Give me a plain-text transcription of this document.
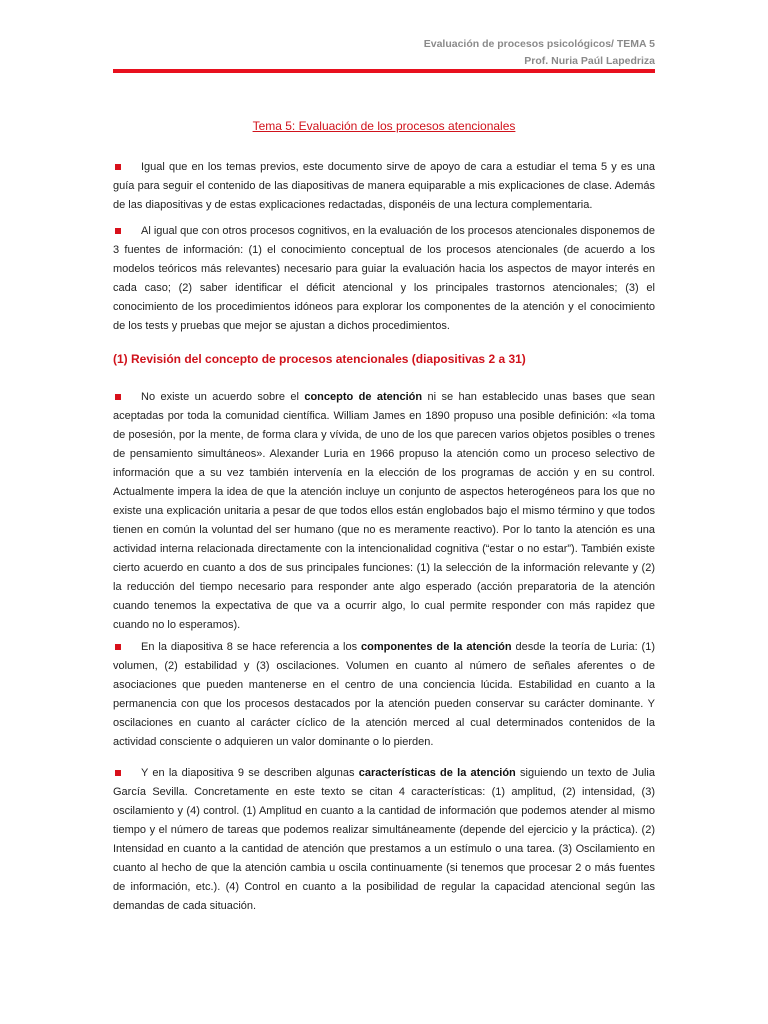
Evaluación de procesos psicológicos/ TEMA 5
Prof. Nuria Paúl Lapedriza
Tema 5: Evaluación de los procesos atencionales

Igual que en los temas previos, este documento sirve de apoyo de cara a estudiar el tema 5 y es una guía para seguir el contenido de las diapositivas de manera equiparable a mis explicaciones de clase. Además de las diapositivas y de estas explicaciones redactadas, disponéis de una lectura complementaria.

Al igual que con otros procesos cognitivos, en la evaluación de los procesos atencionales disponemos de 3 fuentes de información: (1) el conocimiento conceptual de los procesos atencionales (de acuerdo a los modelos teóricos más relevantes) necesario para guiar la evaluación hacia los aspectos de mayor interés en cada caso; (2) saber identificar el déficit atencional y los principales trastornos atencionales; (3) el conocimiento de los procedimientos idóneos para explorar los componentes de la atención y el conocimiento de los tests y pruebas que mejor se ajustan a dichos procedimientos.

(1) Revisión del concepto de procesos atencionales (diapositivas 2 a 31)

No existe un acuerdo sobre el concepto de atención ni se han establecido unas bases que sean aceptadas por toda la comunidad científica. William James en 1890 propuso una posible definición: «la toma de posesión, por la mente, de forma clara y vívida, de uno de los que parecen varios objetos posibles o trenes de pensamiento simultáneos». Alexander Luria en 1966 propuso la atención como un proceso selectivo de información que a su vez también intervenía en la elección de los programas de acción y en su control. Actualmente impera la idea de que la atención incluye un conjunto de aspectos heterogéneos para los que no existe una explicación unitaria a pesar de que todos ellos están englobados bajo el mismo término y que todos tienen en común la voluntad del ser humano (que no es meramente reactivo). Por lo tanto la atención es una actividad interna relacionada directamente con la intencionalidad cognitiva (“estar o no estar”). También existe cierto acuerdo en cuanto a dos de sus principales funciones: (1) la selección de la información relevante y (2) la reducción del tiempo necesario para responder ante algo esperado (acción preparatoria de la atención cuando tenemos la expectativa de que va a ocurrir algo, lo cual permite responder con más rapidez que cuando no lo esperamos).

En la diapositiva 8 se hace referencia a los componentes de la atención desde la teoría de Luria: (1) volumen, (2) estabilidad y (3) oscilaciones. Volumen en cuanto al número de señales aferentes o de asociaciones que pueden mantenerse en el centro de una conciencia lúcida. Estabilidad en cuanto a la permanencia con que los procesos destacados por la atención pueden conservar su carácter dominante. Y oscilaciones en cuanto al carácter cíclico de la atención merced al cual determinados contenidos de la actividad consciente o adquieren un valor dominante o lo pierden.

Y en la diapositiva 9 se describen algunas características de la atención siguiendo un texto de Julia García Sevilla. Concretamente en este texto se citan 4 características: (1) amplitud, (2) intensidad, (3) oscilamiento y (4) control. (1) Amplitud en cuanto a la cantidad de información que podemos atender al mismo tiempo y el número de tareas que podemos realizar simultáneamente (depende del ejercicio y la práctica). (2) Intensidad en cuanto a la cantidad de atención que prestamos a un estímulo o una tarea. (3) Oscilamiento en cuanto al hecho de que la atención cambia u oscila continuamente (si tenemos que procesar 2 o más fuentes de información, etc.). (4) Control en cuanto a la posibilidad de regular la capacidad atencional según las demandas de cada situación.
